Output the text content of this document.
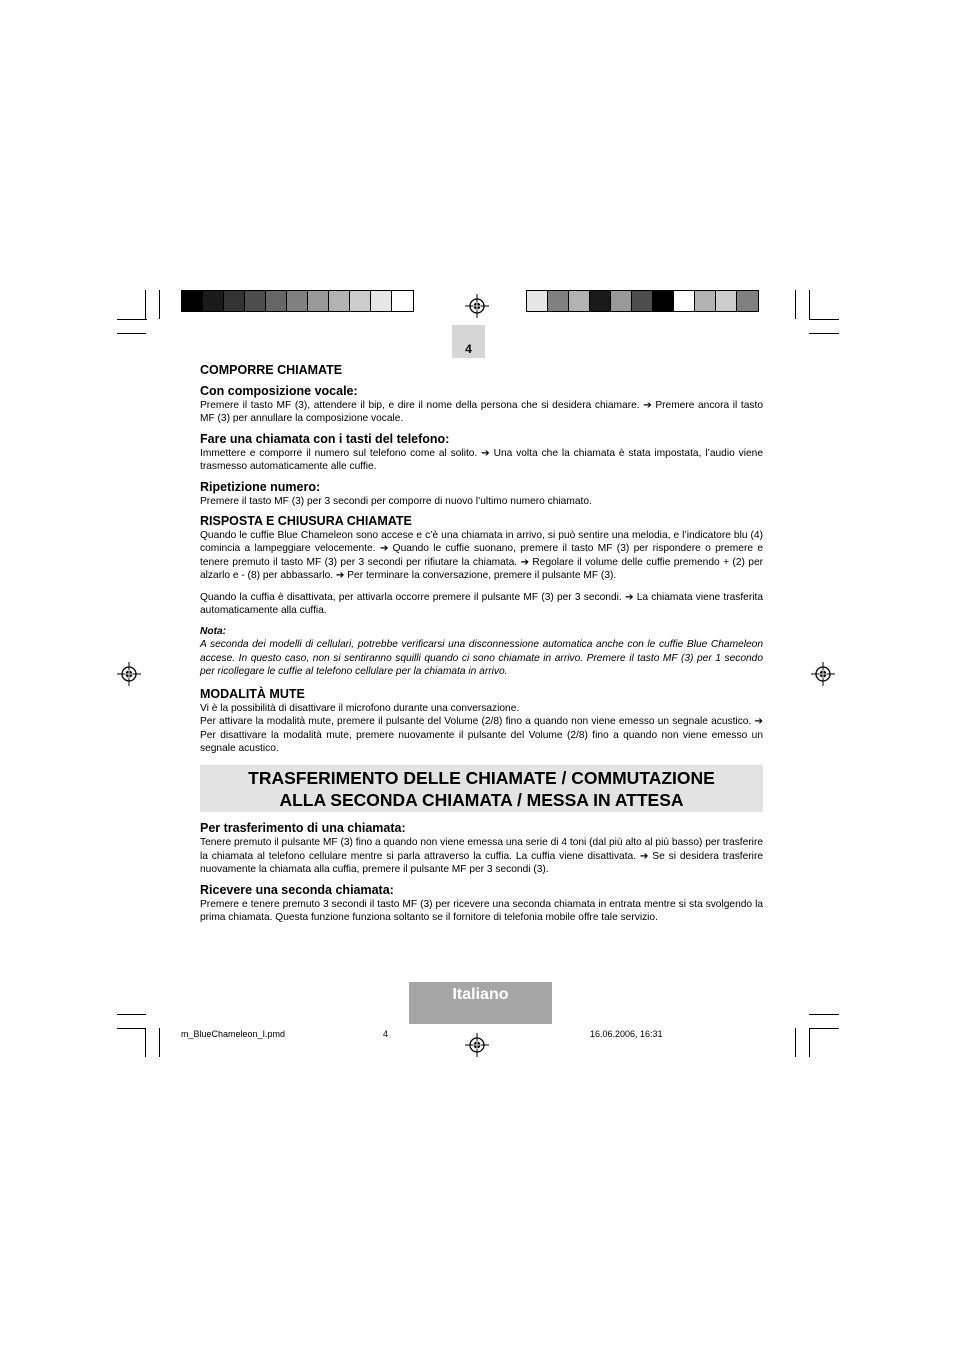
4

COMPORRE CHIAMATE

Con composizione vocale:

Premere il tasto MF (3), attendere il bip, e dire il nome della persona che si desidera chiamare. ➔ Premere ancora il tasto MF (3) per annullare la composizione vocale.

Fare una chiamata con i tasti del telefono:

Immettere e comporre il numero sul telefono come al solito. ➔ Una volta che la chiamata è stata impostata, l’audio viene trasmesso automaticamente alle cuffie.

Ripetizione numero:

Premere il tasto MF (3) per 3 secondi per comporre di nuovo l’ultimo numero chiamato.

RISPOSTA E CHIUSURA CHIAMATE

Quando le cuffie Blue Chameleon sono accese e c’è una chiamata in arrivo, si può sentire una melodia, e l’indicatore blu (4) comincia a lampeggiare velocemente. ➔ Quando le cuffie suonano, premere il tasto MF (3) per rispondere o premere e tenere premuto il tasto MF (3) per 3 secondi per rifiutare la chiamata. ➔ Regolare il volume delle cuffie premendo + (2) per alzarlo e - (8) per abbassarlo. ➔ Per terminare la conversazione, premere il pulsante MF (3).

Quando la cuffia è disattivata, per attivarla occorre premere il pulsante MF (3) per 3 secondi. ➔ La chiamata viene trasferita automaticamente alla cuffia.

Nota:

A seconda dei modelli di cellulari, potrebbe verificarsi una disconnessione automatica anche con le cuffie Blue Chameleon accese. In questo caso, non si sentiranno squilli quando ci sono chiamate in arrivo. Premere il tasto MF (3) per 1 secondo per ricollegare le cuffie al telefono cellulare per la chiamata in arrivo.

MODALITÀ MUTE

Vi è la possibilità di disattivare il microfono durante una conversazione.

Per attivare la modalità mute, premere il pulsante del Volume (2/8) fino a quando non viene emesso un segnale acustico. ➔ Per disattivare la modalità mute, premere nuovamente il pulsante del Volume (2/8) fino a quando non viene emesso un segnale acustico.

TRASFERIMENTO DELLE CHIAMATE / COMMUTAZIONE
ALLA SECONDA CHIAMATA / MESSA IN ATTESA

Per trasferimento di una chiamata:

Tenere premuto il pulsante MF (3) fino a quando non viene emessa una serie di 4 toni (dal più alto al più basso) per trasferire la chiamata al telefono cellulare mentre si parla attraverso la cuffia. La cuffia viene disattivata. ➔ Se si desidera trasferire nuovamente la chiamata alla cuffia, premere il pulsante MF per 3 secondi (3).

Ricevere una seconda chiamata:

Premere e tenere premuto 3 secondi il tasto MF (3) per ricevere una seconda chiamata in entrata mentre si sta svolgendo la prima chiamata. Questa funzione funziona soltanto se il fornitore di telefonia mobile offre tale servizio.

Italiano
m_BlueChameleon_I.pmd	4	16.06.2006, 16:31
